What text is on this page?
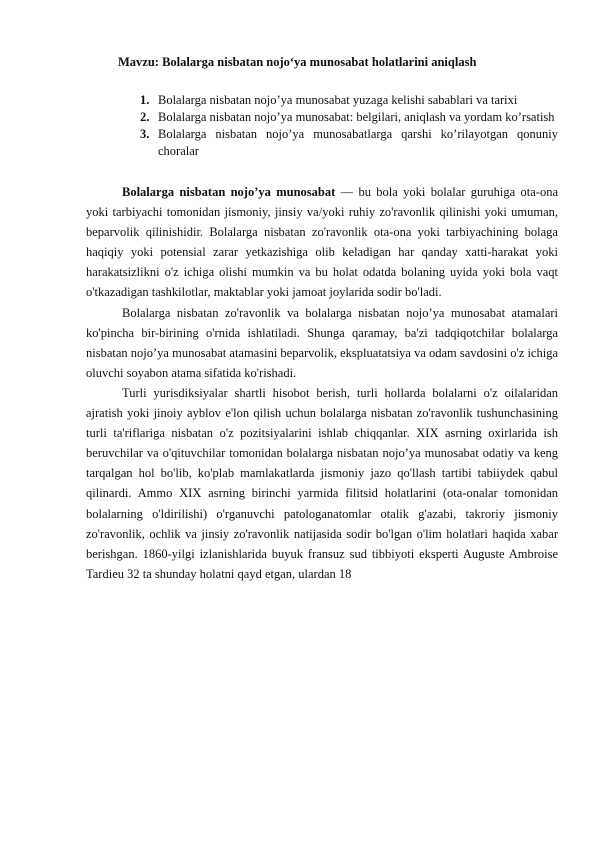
Mavzu: Bolalarga nisbatan nojo‘ya munosabat holatlarini aniqlash
1. Bolalarga nisbatan nojo’ya munosabat yuzaga kelishi sabablari va tarixi
2. Bolalarga nisbatan nojo’ya munosabat: belgilari, aniqlash va yordam ko’rsatish
3. Bolalarga nisbatan nojo’ya munosabatlarga qarshi ko’rilayotgan qonuniy choralar

Bolalarga nisbatan nojo’ya munosabat — bu bola yoki bolalar guruhiga ota-ona yoki tarbiyachi tomonidan jismoniy, jinsiy va/yoki ruhiy zo'ravonlik qilinishi yoki umuman, beparvolik qilinishidir. Bolalarga nisbatan zo'ravonlik ota-ona yoki tarbiyachining bolaga haqiqiy yoki potensial zarar yetkazishiga olib keladigan har qanday xatti-harakat yoki harakatsizlikni o'z ichiga olishi mumkin va bu holat odatda bolaning uyida yoki bola vaqt o'tkazadigan tashkilotlar, maktablar yoki jamoat joylarida sodir bo'ladi.

Bolalarga nisbatan zo'ravonlik va bolalarga nisbatan nojo’ya munosabat atamalari ko'pincha bir-birining o'rnida ishlatiladi. Shunga qaramay, ba'zi tadqiqotchilar bolalarga nisbatan nojo’ya munosabat atamasini beparvolik, ekspluatatsiya va odam savdosini o'z ichiga oluvchi soyabon atama sifatida ko'rishadi.

Turli yurisdiksiyalar shartli hisobot berish, turli hollarda bolalarni o'z oilalaridan ajratish yoki jinoiy ayblov e'lon qilish uchun bolalarga nisbatan zo'ravonlik tushunchasining turli ta'riflariga nisbatan o'z pozitsiyalarini ishlab chiqqanlar. XIX asrning oxirlarida ish beruvchilar va o'qituvchilar tomonidan bolalarga nisbatan nojo’ya munosabat odatiy va keng tarqalgan hol bo'lib, ko'plab mamlakatlarda jismoniy jazo qo'llash tartibi tabiiydek qabul qilinardi. Ammo XIX asrning birinchi yarmida filitsid holatlarini (ota-onalar tomonidan bolalarning o'ldirilishi) o'rganuvchi patologanatomlar otalik g'azabi, takroriy jismoniy zo'ravonlik, ochlik va jinsiy zo'ravonlik natijasida sodir bo'lgan o'lim holatlari haqida xabar berishgan. 1860-yilgi izlanishlarida buyuk fransuz sud tibbiyoti eksperti Auguste Ambroise Tardieu 32 ta shunday holatni qayd etgan, ulardan 18
